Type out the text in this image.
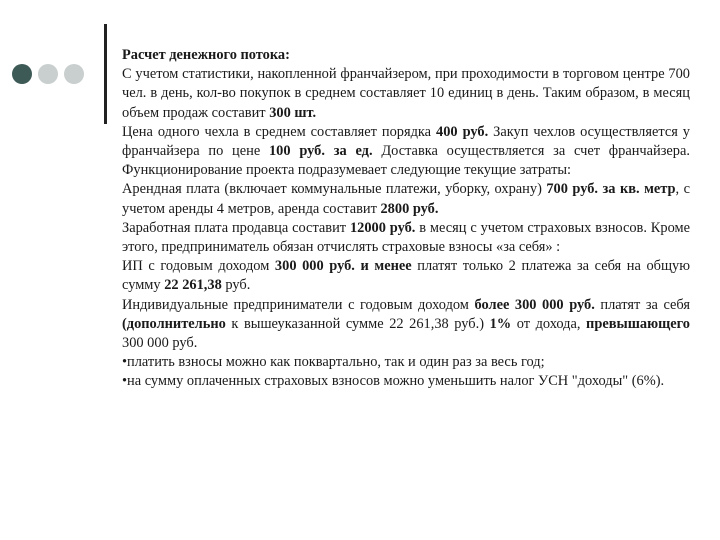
Расчет денежного потока:

С учетом статистики, накопленной франчайзером, при проходимости в торговом центре 700 чел. в день, кол-во покупок в среднем составляет 10 единиц в день. Таким образом, в месяц объем продаж составит 300 шт.

Цена одного чехла в среднем составляет порядка 400 руб. Закуп чехлов осуществляется у франчайзера по цене 100 руб. за ед. Доставка осуществляется за счет франчайзера. Функционирование проекта подразумевает следующие текущие затраты:

Арендная плата (включает коммунальные платежи, уборку, охрану) 700 руб. за кв. метр, с учетом аренды 4 метров, аренда составит 2800 руб.

Заработная плата продавца составит 12000 руб. в месяц с учетом страховых взносов. Кроме этого, предприниматель обязан отчислять страховые взносы «за себя» :

ИП с годовым доходом 300 000 руб. и менее платят только 2 платежа за себя на общую сумму 22 261,38 руб.

Индивидуальные предприниматели с годовым доходом более 300 000 руб. платят за себя (дополнительно к вышеуказанной сумме 22 261,38 руб.) 1% от дохода, превышающего 300 000 руб.

•платить взносы можно как поквартально, так и один раз за весь год;

•на сумму оплаченных страховых взносов можно уменьшить налог УСН "доходы" (6%).
